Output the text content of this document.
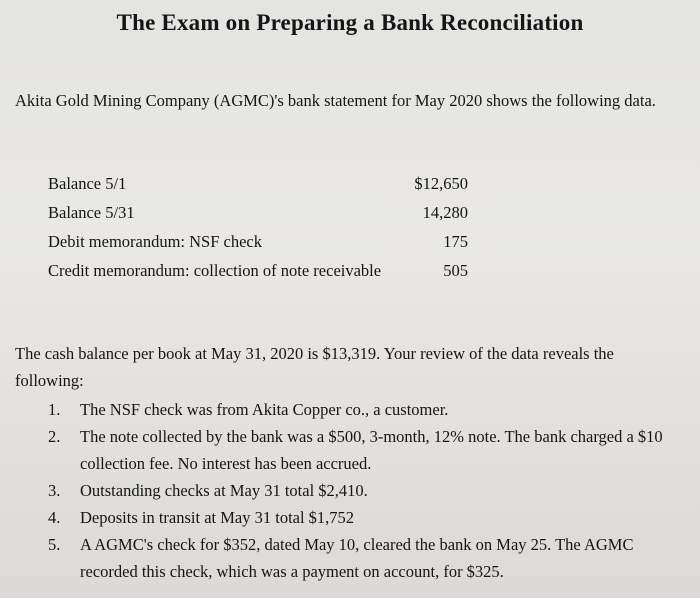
The Exam on Preparing a Bank Reconciliation
Akita Gold Mining Company (AGMC)'s bank statement for May 2020 shows the following data.
Balance 5/1	$12,650
Balance 5/31	14,280
Debit memorandum: NSF check	175
Credit memorandum: collection of note receivable	505
The cash balance per book at May 31, 2020 is $13,319. Your review of the data reveals the following:
1. The NSF check was from Akita Copper co., a customer.
2. The note collected by the bank was a $500, 3-month, 12% note. The bank charged a $10 collection fee. No interest has been accrued.
3. Outstanding checks at May 31 total $2,410.
4. Deposits in transit at May 31 total $1,752
5. A AGMC's check for $352, dated May 10, cleared the bank on May 25. The AGMC recorded this check, which was a payment on account, for $325.
